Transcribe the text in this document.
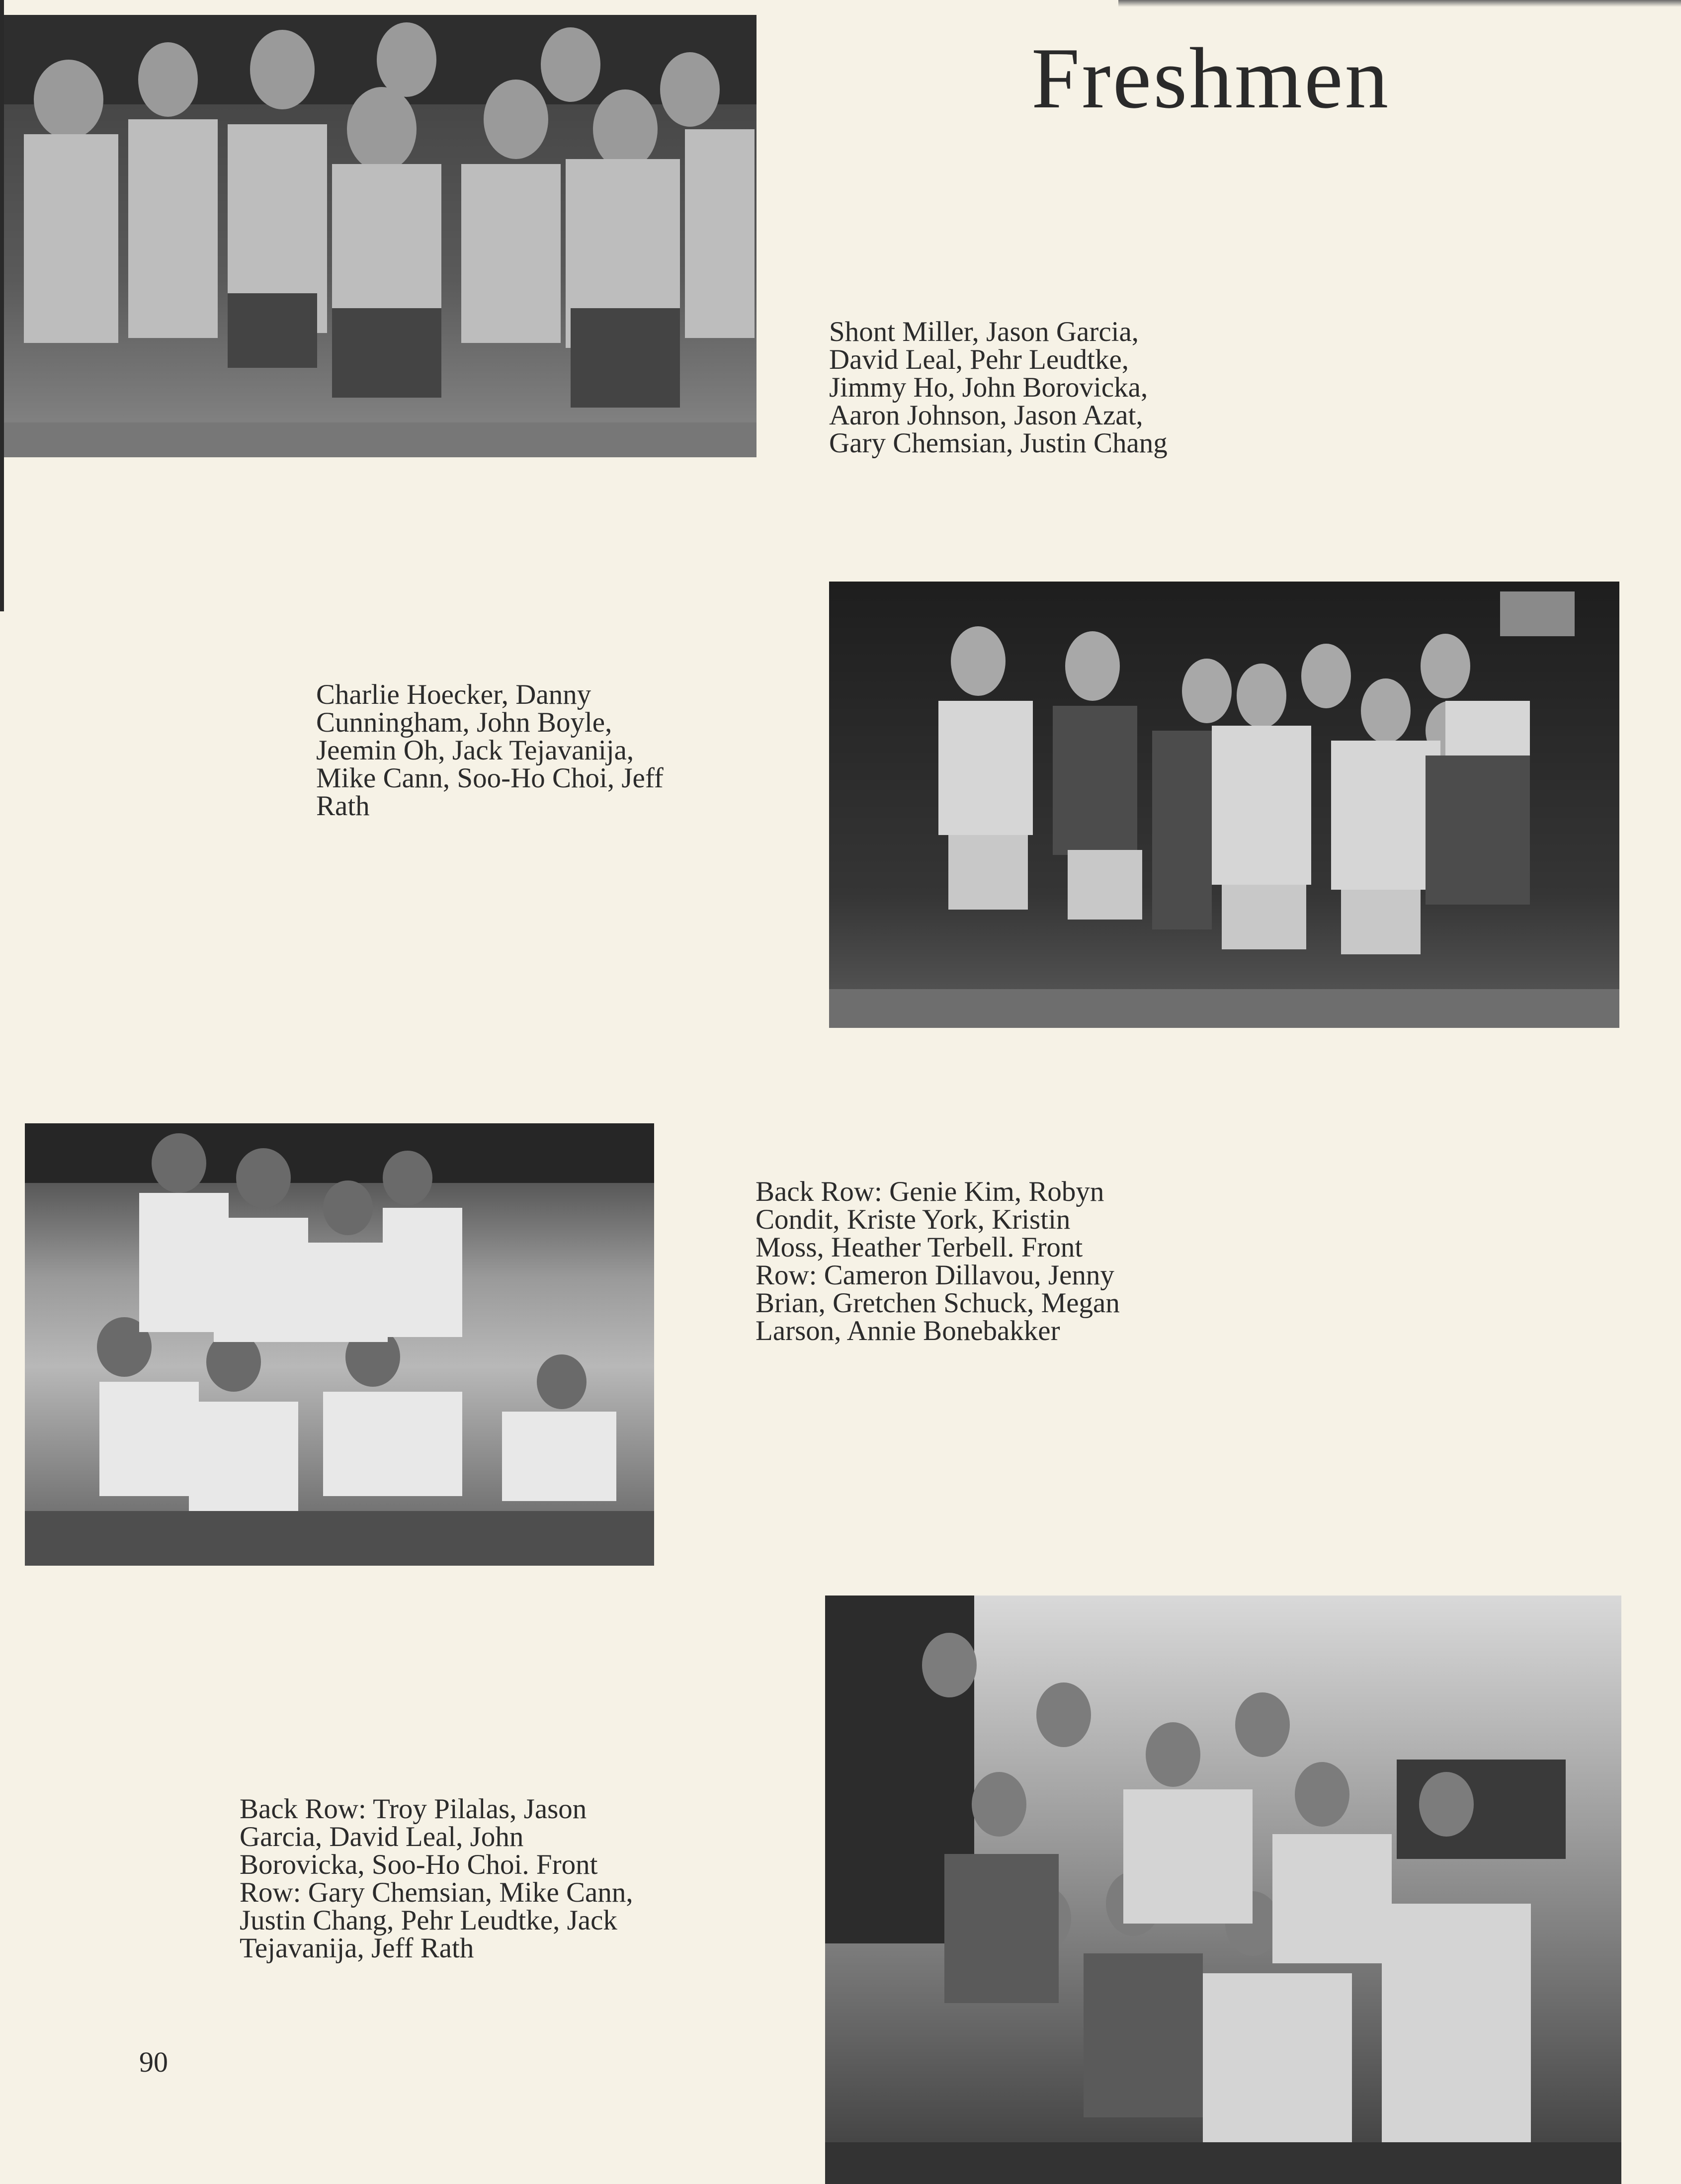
Freshmen
Shont Miller, Jason Garcia,
David Leal, Pehr Leudtke,
Jimmy Ho, John Borovicka,
Aaron Johnson, Jason Azat,
Gary Chemsian, Justin Chang
Charlie Hoecker, Danny
Cunningham, John Boyle,
Jeemin Oh, Jack Tejavanija,
Mike Cann, Soo-Ho Choi, Jeff
Rath
Back Row: Genie Kim, Robyn
Condit, Kriste York, Kristin
Moss, Heather Terbell. Front
Row: Cameron Dillavou, Jenny
Brian, Gretchen Schuck, Megan
Larson, Annie Bonebakker
Back Row: Troy Pilalas, Jason
Garcia, David Leal, John
Borovicka, Soo-Ho Choi. Front
Row: Gary Chemsian, Mike Cann,
Justin Chang, Pehr Leudtke, Jack
Tejavanija, Jeff Rath
90
